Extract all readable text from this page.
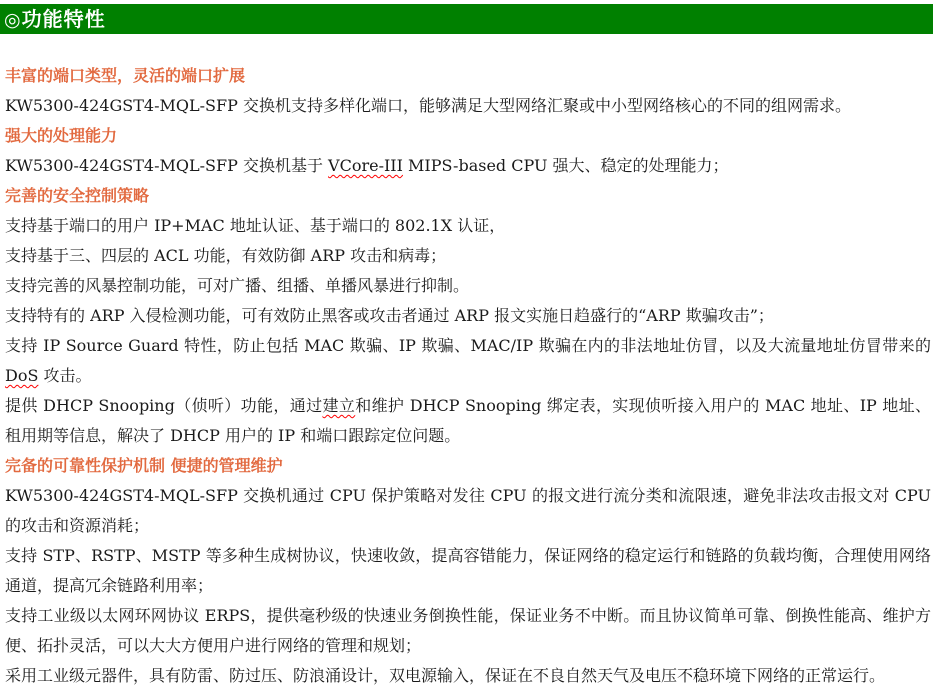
◎功能特性
丰富的端口类型，灵活的端口扩展

KW5300-424GST4-MQL-SFP 交换机支持多样化端口，能够满足大型网络汇聚或中小型网络核心的不同的组网需求。

强大的处理能力

KW5300-424GST4-MQL-SFP 交换机基于 VCore-III MIPS-based CPU 强大、稳定的处理能力；

完善的安全控制策略

支持基于端口的用户 IP+MAC 地址认证、基于端口的 802.1X 认证，

支持基于三、四层的 ACL 功能，有效防御 ARP 攻击和病毒；

支持完善的风暴控制功能，可对广播、组播、单播风暴进行抑制。

支持特有的 ARP 入侵检测功能，可有效防止黑客或攻击者通过 ARP 报文实施日趋盛行的“ARP 欺骗攻击”；

支持 IP Source Guard 特性，防止包括 MAC 欺骗、IP 欺骗、MAC/IP 欺骗在内的非法地址仿冒，以及大流量地址仿冒带来的 DoS 攻击。

提供 DHCP Snooping（侦听）功能，通过建立和维护 DHCP Snooping 绑定表，实现侦听接入用户的 MAC 地址、IP 地址、租用期等信息，解决了 DHCP 用户的 IP 和端口跟踪定位问题。

完备的可靠性保护机制 便捷的管理维护

KW5300-424GST4-MQL-SFP 交换机通过 CPU 保护策略对发往 CPU 的报文进行流分类和流限速，避免非法攻击报文对 CPU 的攻击和资源消耗；

支持 STP、RSTP、MSTP 等多种生成树协议，快速收敛，提高容错能力，保证网络的稳定运行和链路的负载均衡，合理使用网络通道，提高冗余链路利用率；

支持工业级以太网环网协议 ERPS，提供毫秒级的快速业务倒换性能，保证业务不中断。而且协议简单可靠、倒换性能高、维护方便、拓扑灵活，可以大大方便用户进行网络的管理和规划；

采用工业级元器件，具有防雷、防过压、防浪涌设计，双电源输入，保证在不良自然天气及电压不稳环境下网络的正常运行。
